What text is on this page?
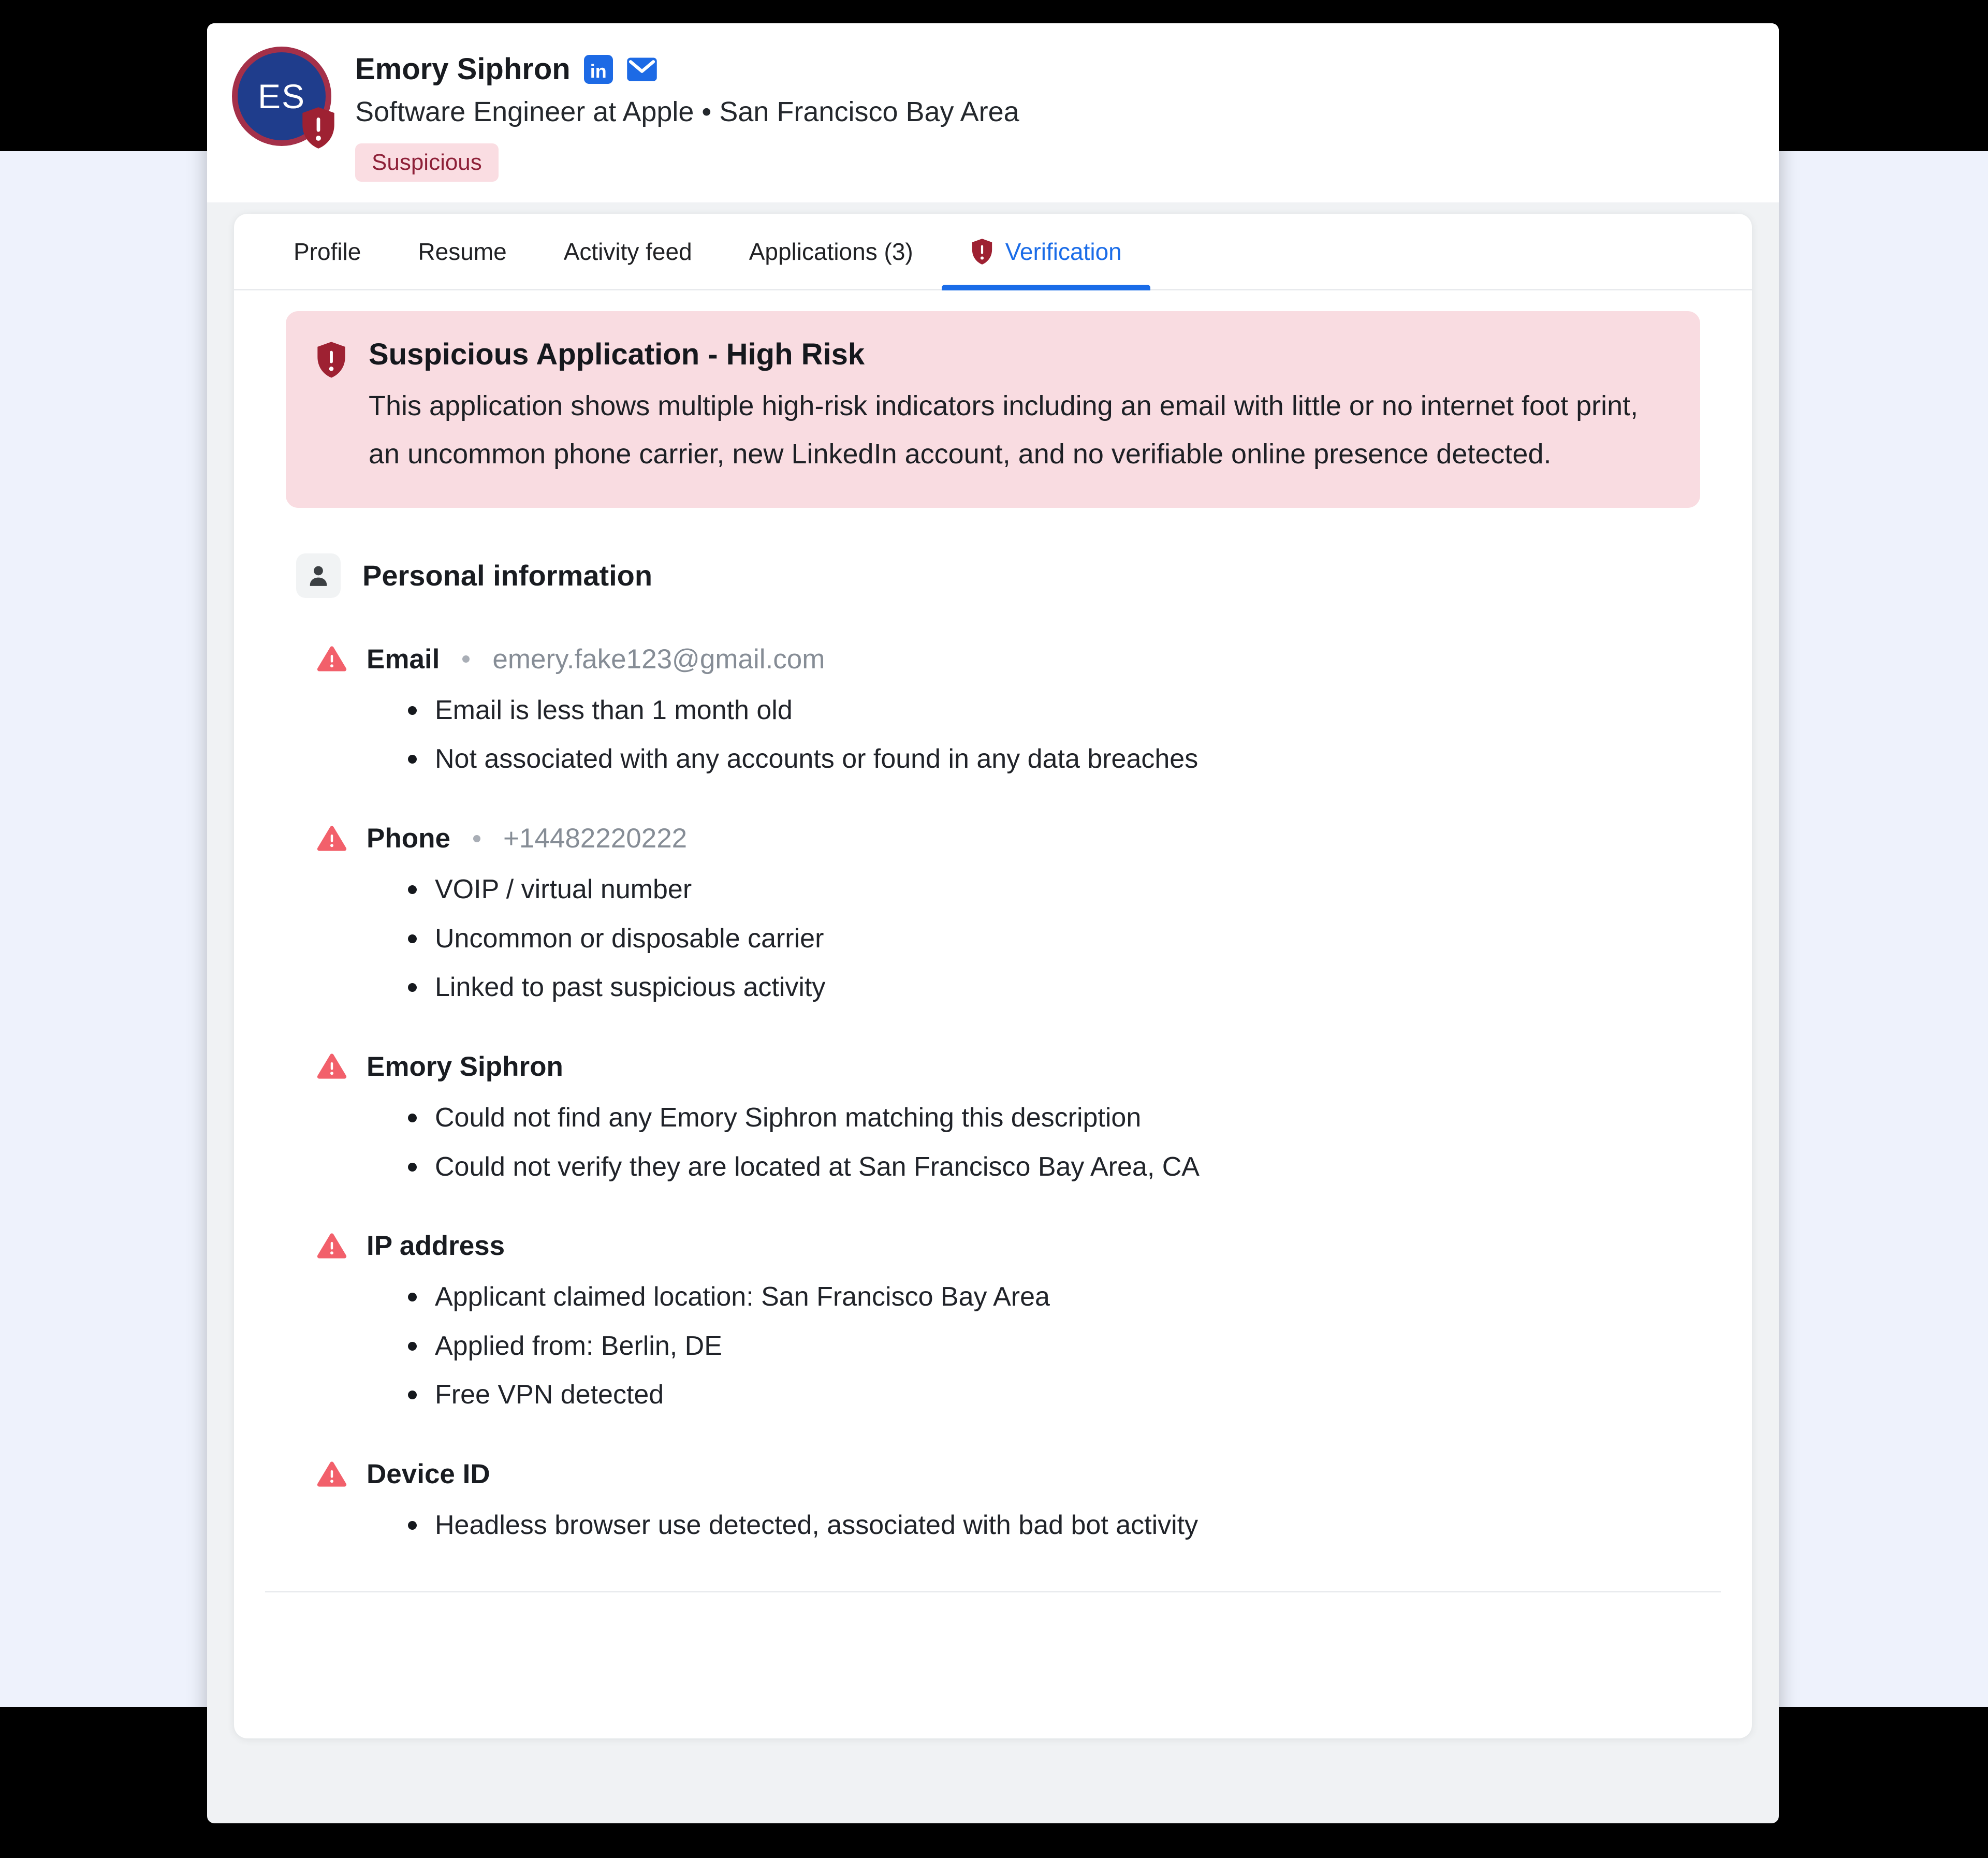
ES
Emory Siphron	in
Software Engineer at Apple • San Francisco Bay Area
Suspicious
Profile Resume Activity feed Applications (3)	Verification
Suspicious Application - High Risk
This application shows multiple high-risk indicators including an email with little or no internet foot print, an uncommon phone carrier, new LinkedIn account, and no verifiable online presence detected.
Personal information
Email emery.fake123@gmail.com
Email is less than 1 month old
Not associated with any accounts or found in any data breaches
Phone +14482220222
VOIP / virtual number
Uncommon or disposable carrier
Linked to past suspicious activity
Emory Siphron
Could not find any Emory Siphron matching this description
Could not verify they are located at San Francisco Bay Area, CA
IP address
Applicant claimed location: San Francisco Bay Area
Applied from: Berlin, DE
Free VPN detected
Device ID
Headless browser use detected, associated with bad bot activity
